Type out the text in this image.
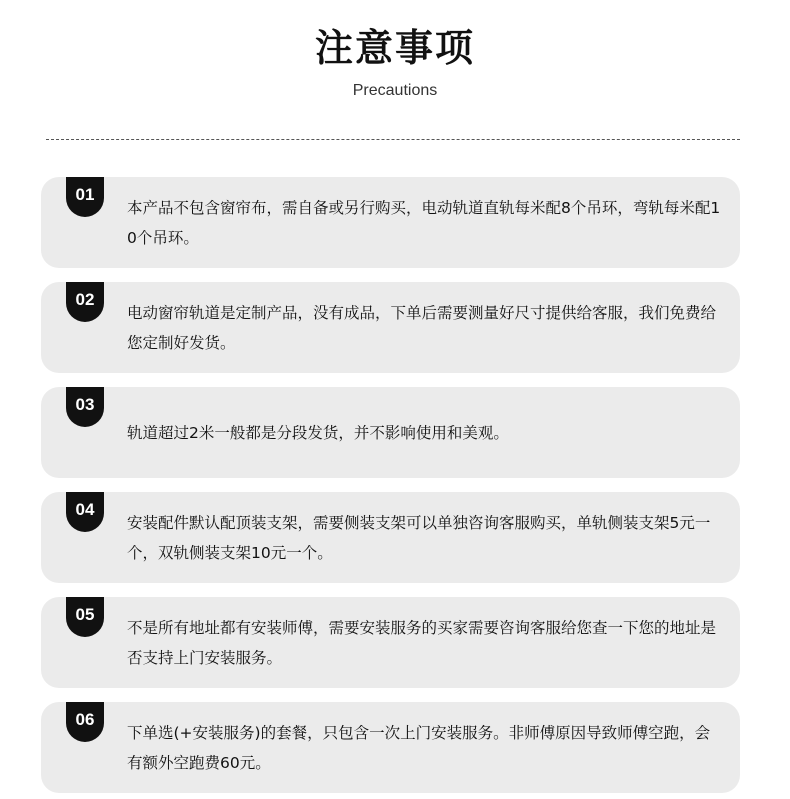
注意事项
Precautions
01
本产品不包含窗帘布，需自备或另行购买，电动轨道直轨每米配8个吊环，弯轨每米配1 0个吊环。
02
电动窗帘轨道是定制产品，没有成品，下单后需要测量好尺寸提供给客服，我们免费给您定制好发货。
03
轨道超过2米一般都是分段发货，并不影响使用和美观。
04
安装配件默认配顶装支架，需要侧装支架可以单独咨询客服购买，单轨侧装支架5元一个，双轨侧装支架10元一个。
05
不是所有地址都有安装师傅，需要安装服务的买家需要咨询客服给您查一下您的地址是否支持上门安装服务。
06
下单选(+安装服务)的套餐，只包含一次上门安装服务。非师傅原因导致师傅空跑，会有额外空跑费60元。
